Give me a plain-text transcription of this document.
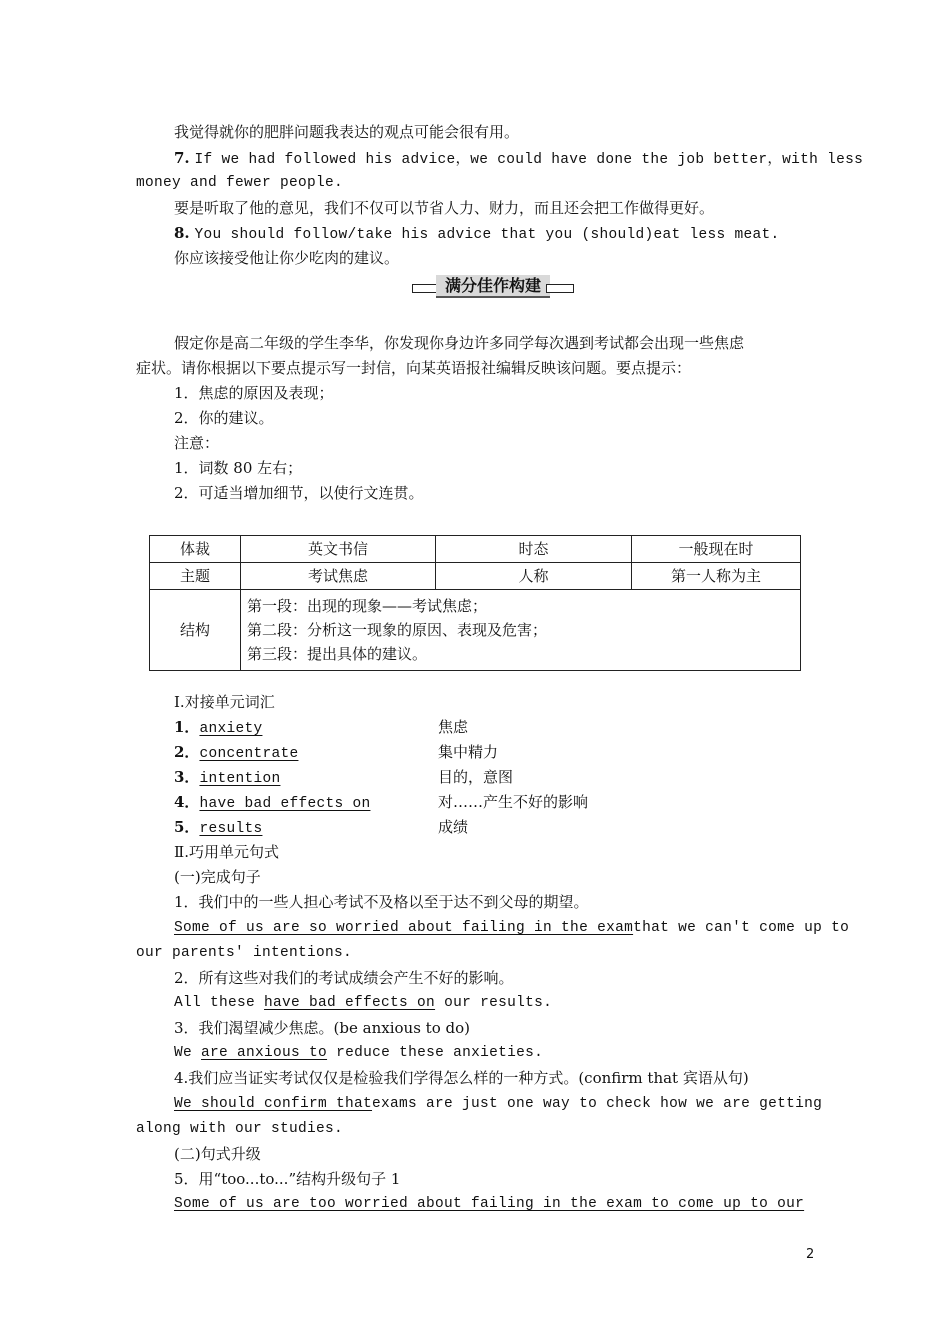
我觉得就你的肥胖问题我表达的观点可能会很有用。
7. If we had followed his advice，we could have done the job better，with less
money and fewer people.
要是听取了他的意见，我们不仅可以节省人力、财力，而且还会把工作做得更好。
8. You should follow/take his advice that you (should)eat less meat.
你应该接受他让你少吃肉的建议。
满分佳作构建
假定你是高二年级的学生李华，你发现你身边许多同学每次遇到考试都会出现一些焦虑
症状。请你根据以下要点提示写一封信，向某英语报社编辑反映该问题。要点提示：
1．焦虑的原因及表现；
2．你的建议。
注意：
1．词数 80 左右；
2．可适当增加细节，以使行文连贯。
体裁	英文书信	时态	一般现在时
主题	考试焦虑	人称	第一人称为主
结构	第一段：出现的现象——考试焦虑；
第二段：分析这一现象的原因、表现及危害；
第三段：提出具体的建议。		
Ⅰ.对接单元词汇
1．anxiety	焦虑
2．concentrate	集中精力
3．intention	目的，意图
4．have bad effects on	对……产生不好的影响
5．results	成绩
Ⅱ.巧用单元句式
(一)完成句子
1．我们中的一些人担心考试不及格以至于达不到父母的期望。
Some of us are so worried about failing in the exam that we can't come up to
our parents' intentions.
2．所有这些对我们的考试成绩会产生不好的影响。
All these have bad effects on our results.
3．我们渴望减少焦虑。(be anxious to do)
We are anxious to reduce these anxieties.
4.我们应当证实考试仅仅是检验我们学得怎么样的一种方式。(confirm that 宾语从句)
We should confirm that exams are just one way to check how we are getting
along with our studies.
(二)句式升级
5．用“too...to...”结构升级句子 1
Some of us are too worried about failing in the exam to come up to our
2
